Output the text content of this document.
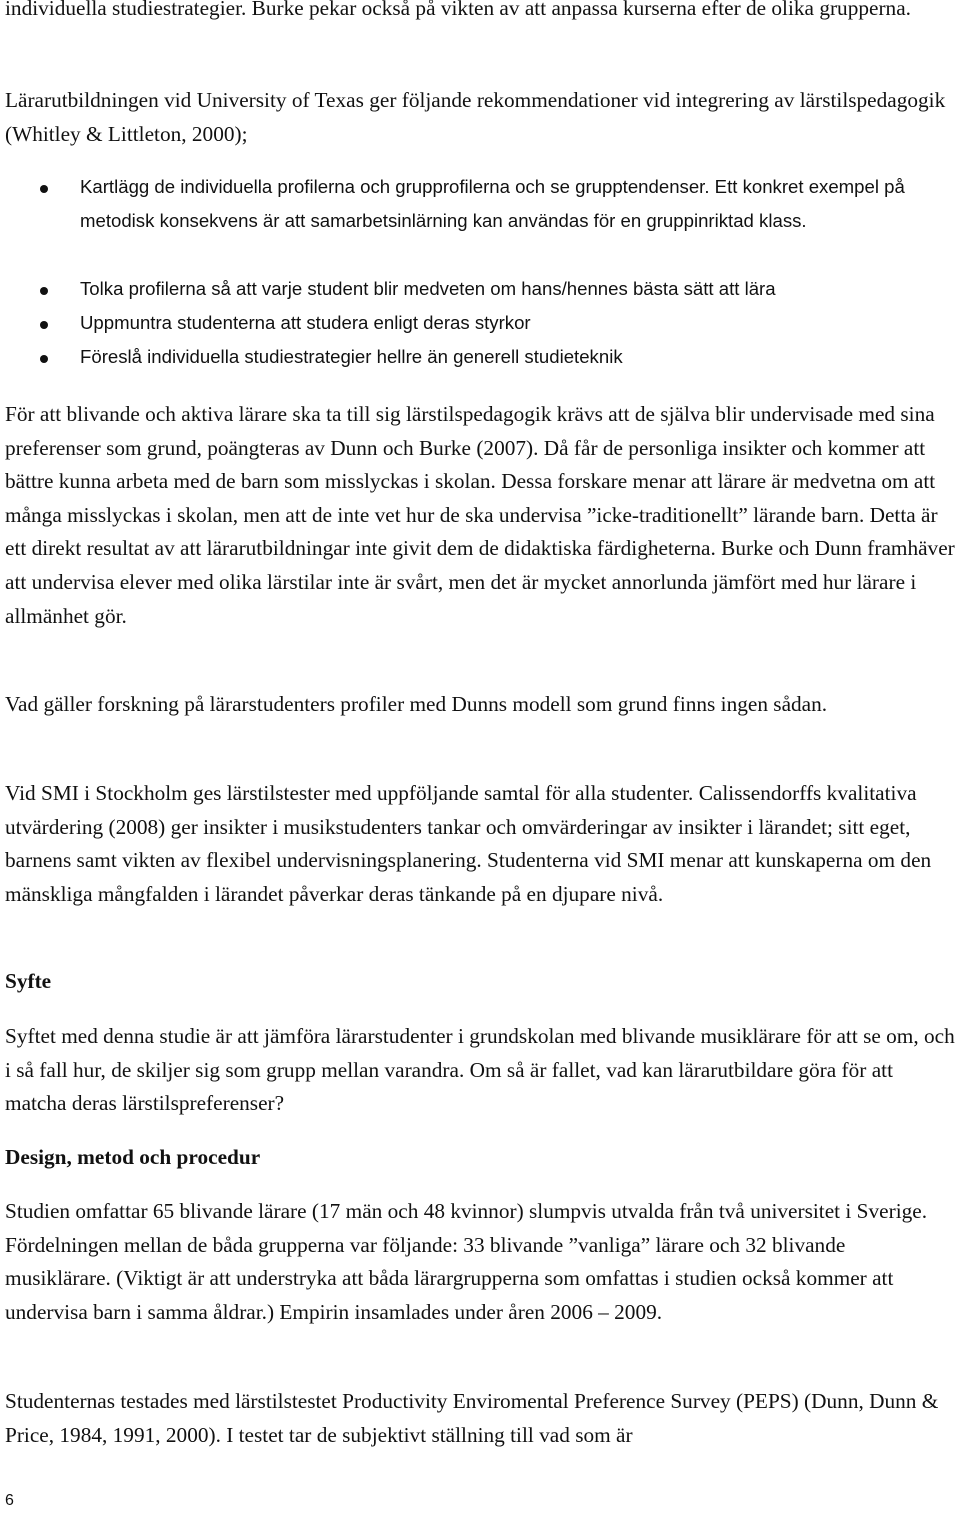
individuella studiestrategier. Burke pekar också på vikten av att anpassa kurserna efter de olika grupperna.

Lärarutbildningen vid University of Texas ger följande rekommendationer vid integrering av lärstilspedagogik (Whitley & Littleton, 2000);

Kartlägg de individuella profilerna och grupprofilerna och se grupptendenser. Ett konkret exempel på metodisk konsekvens är att samarbetsinlärning kan användas för en gruppinriktad klass.

Tolka profilerna så att varje student blir medveten om hans/hennes bästa sätt att lära

Uppmuntra studenterna att studera enligt deras styrkor

Föreslå individuella studiestrategier hellre än generell studieteknik

För att blivande och aktiva lärare ska ta till sig lärstilspedagogik krävs att de själva blir undervisade med sina preferenser som grund, poängteras av Dunn och Burke (2007). Då får de personliga insikter och kommer att bättre kunna arbeta med de barn som misslyckas i skolan. Dessa forskare menar att lärare är medvetna om att många misslyckas i skolan, men att de inte vet hur de ska undervisa ”icke-traditionellt” lärande barn. Detta är ett direkt resultat av att lärarutbildningar inte givit dem de didaktiska färdigheterna. Burke och Dunn framhäver att undervisa elever med olika lärstilar inte är svårt, men det är mycket annorlunda jämfört med hur lärare i allmänhet gör.

Vad gäller forskning på lärarstudenters profiler med Dunns modell som grund finns ingen sådan.

Vid SMI i Stockholm ges lärstilstester med uppföljande samtal för alla studenter. Calissendorffs kvalitativa utvärdering (2008) ger insikter i musikstudenters tankar och omvärderingar av insikter i lärandet; sitt eget, barnens samt vikten av flexibel undervisningsplanering. Studenterna vid SMI menar att kunskaperna om den mänskliga mångfalden i lärandet påverkar deras tänkande på en djupare nivå.

Syfte

Syftet med denna studie är att jämföra lärarstudenter i grundskolan med blivande musiklärare för att se om, och i så fall hur, de skiljer sig som grupp mellan varandra. Om så är fallet, vad kan lärarutbildare göra för att matcha deras lärstilspreferenser?

Design, metod och procedur

Studien omfattar 65 blivande lärare (17 män och 48 kvinnor) slumpvis utvalda från två universitet i Sverige. Fördelningen mellan de båda grupperna var följande: 33 blivande ”vanliga” lärare och 32 blivande musiklärare. (Viktigt är att understryka att båda lärargrupperna som omfattas i studien också kommer att undervisa barn i samma åldrar.) Empirin insamlades under åren 2006 – 2009.

Studenternas testades med lärstilstestet Productivity Enviromental Preference Survey (PEPS) (Dunn, Dunn & Price, 1984, 1991, 2000). I testet tar de subjektivt ställning till vad som är

6
